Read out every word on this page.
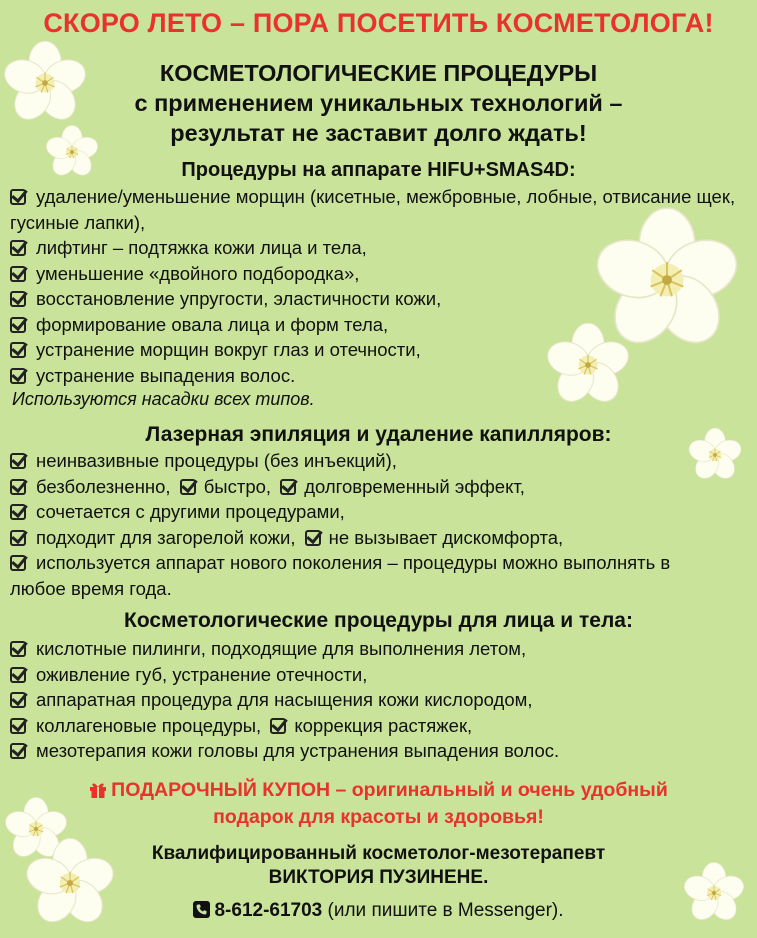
СКОРО ЛЕТО – ПОРА ПОСЕТИТЬ КОСМЕТОЛОГА!
КОСМЕТОЛОГИЧЕСКИЕ ПРОЦЕДУРЫ
с применением уникальных технологий –
результат не заставит долго ждать!
Процедуры на аппарате HIFU+SMAS4D:
удаление/уменьшение морщин (кисетные, межбровные, лобные, отвисание щек, гусиные лапки),
лифтинг – подтяжка кожи лица и тела,
уменьшение «двойного подбородка»,
восстановление упругости, эластичности кожи,
формирование овала лица и форм тела,
устранение морщин вокруг глаз и отечности,
устранение выпадения волос.
Используются насадки всех типов.
Лазерная эпиляция и удаление капилляров:
неинвазивные процедуры (без инъекций),
безболезненно, быстро, долговременный эффект,
сочетается с другими процедурами,
подходит для загорелой кожи, не вызывает дискомфорта,
используется аппарат нового поколения – процедуры можно выполнять в любое время года.
Косметологические процедуры для лица и тела:
кислотные пилинги, подходящие для выполнения летом,
оживление губ, устранение отечности,
аппаратная процедура для насыщения кожи кислородом,
коллагеновые процедуры, коррекция растяжек,
мезотерапия кожи головы для устранения выпадения волос.
ПОДАРОЧНЫЙ КУПОН – оригинальный и очень удобный
подарок для красоты и здоровья!
Квалифицированный косметолог-мезотерапевт
ВИКТОРИЯ ПУЗИНЕНЕ.
8-612-61703 (или пишите в Messenger).
